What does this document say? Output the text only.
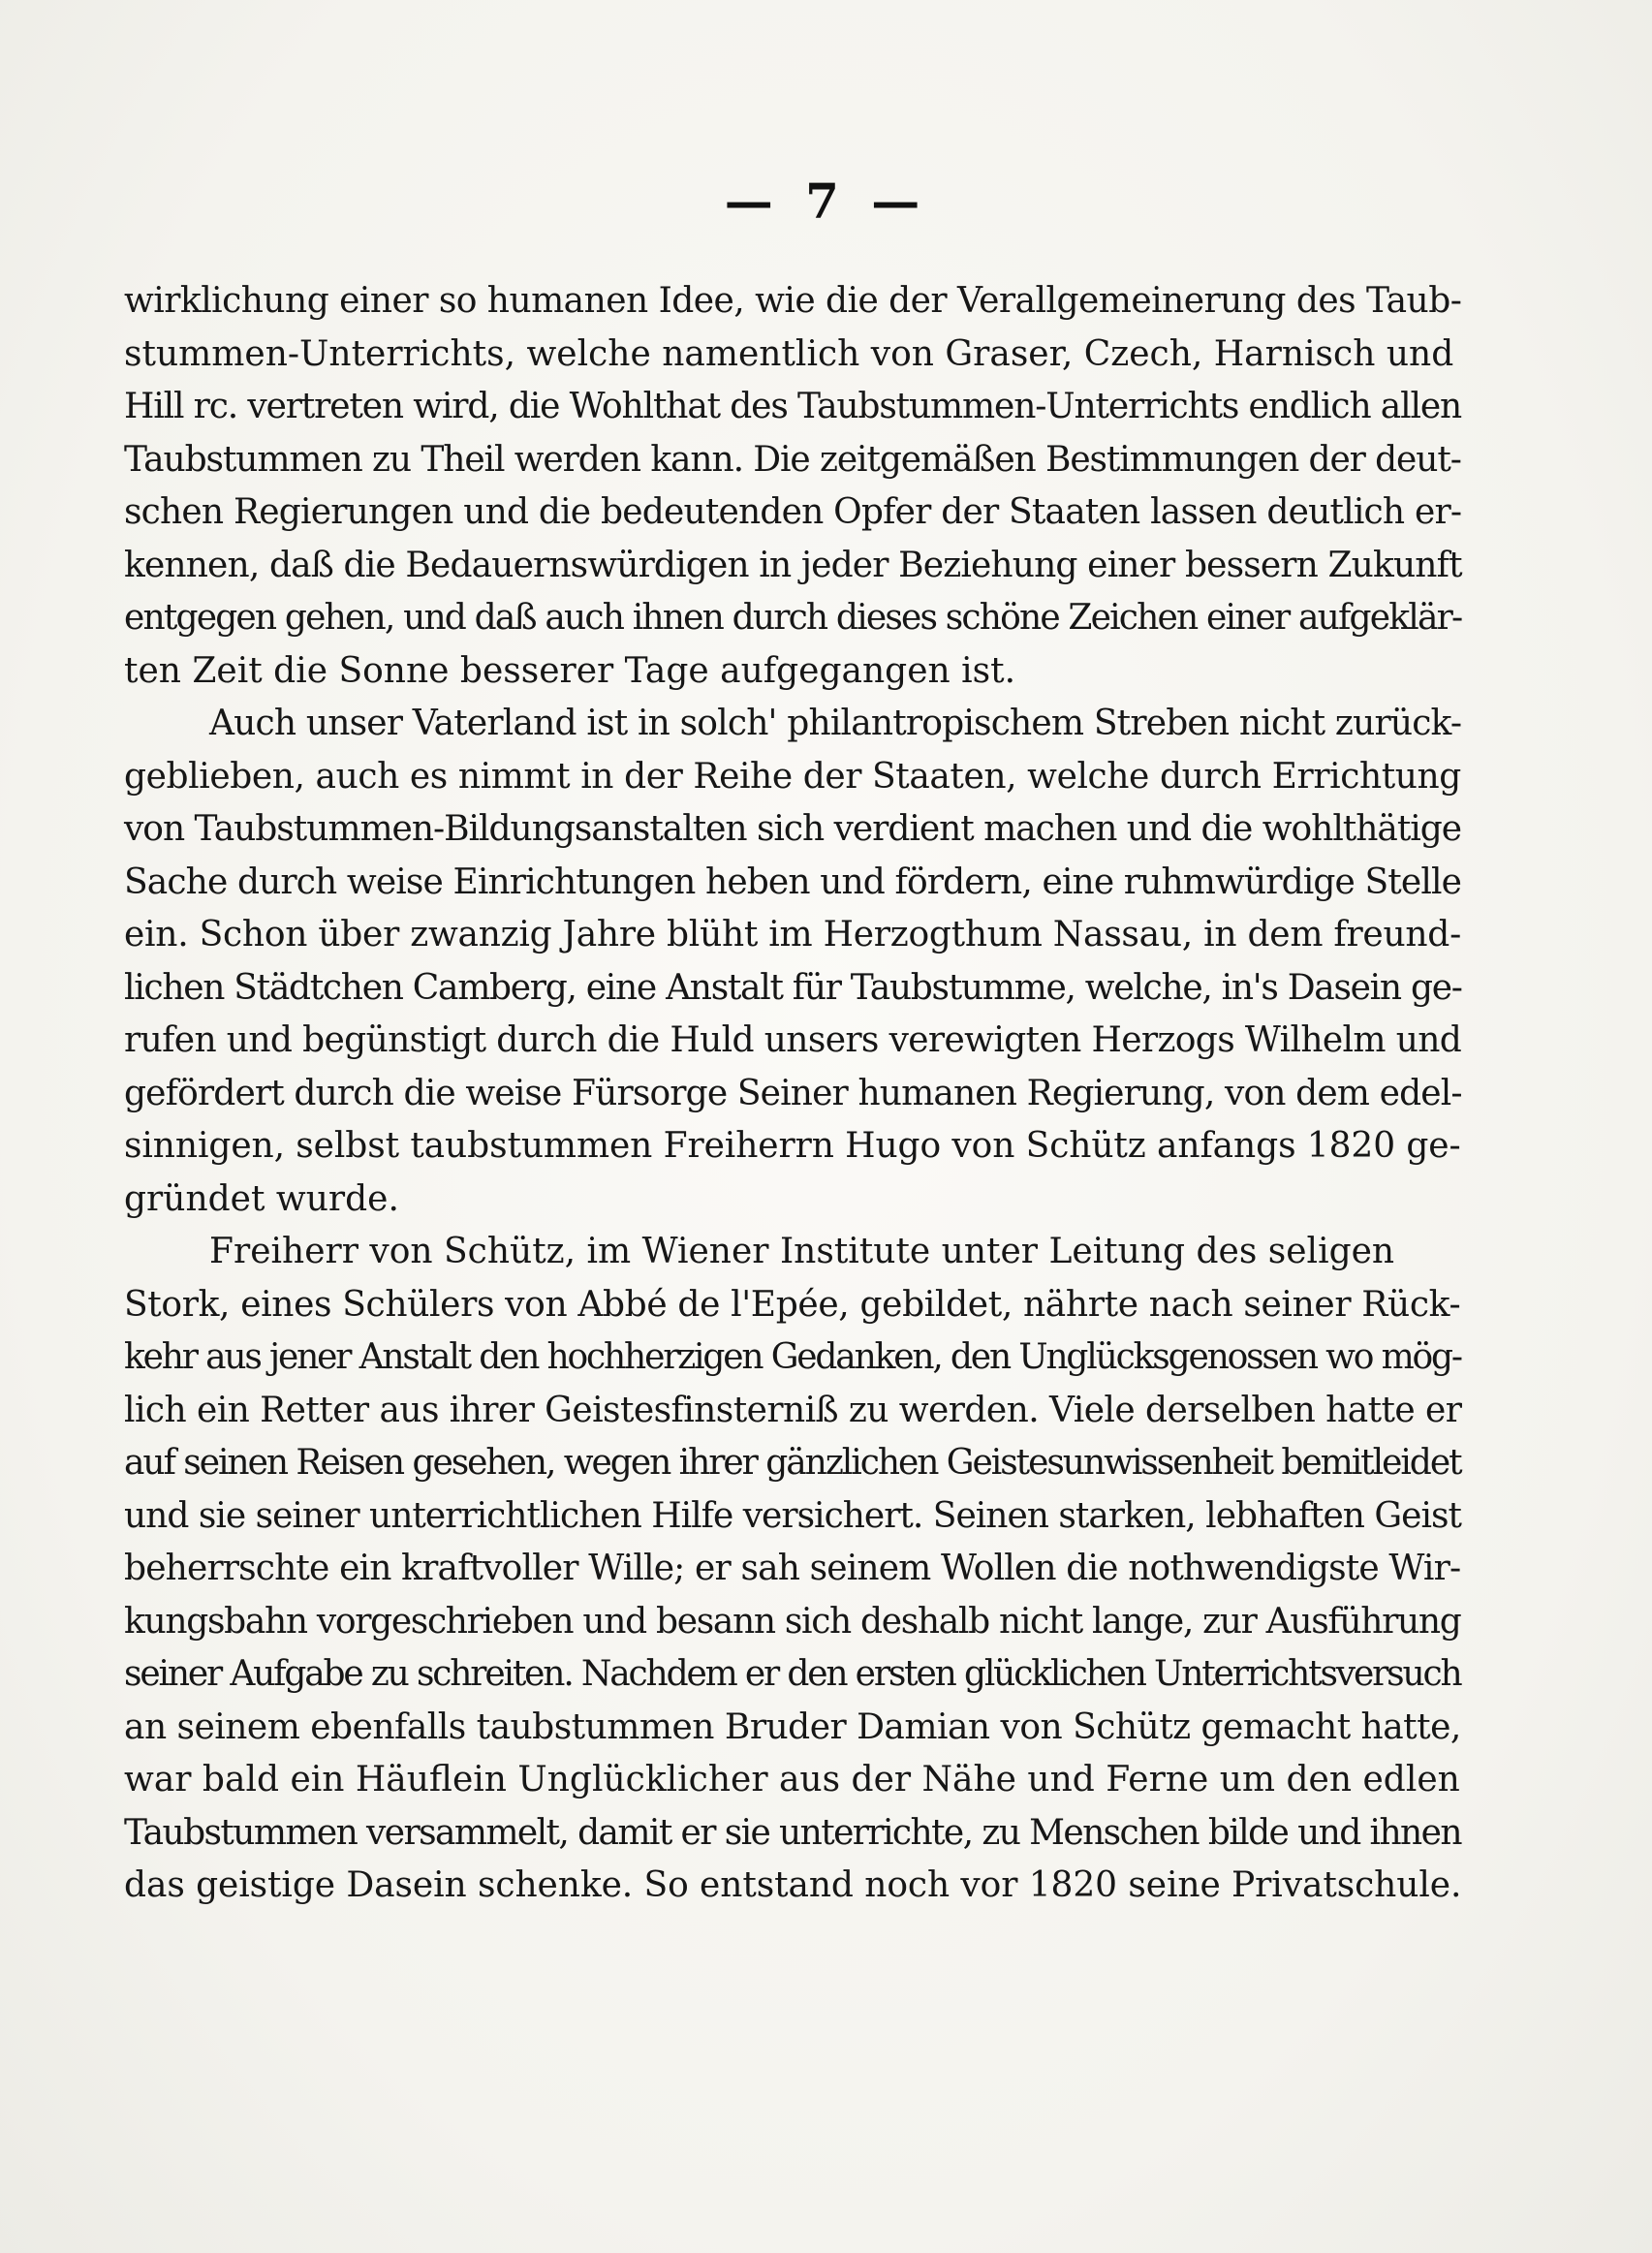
— 7 —
wirklichung einer so humanen Idee, wie die der Verallgemeinerung des Taub-
stummen-Unterrichts, welche namentlich von Graser, Czech, Harnisch und
Hill rc. vertreten wird, die Wohlthat des Taubstummen-Unterrichts endlich allen
Taubstummen zu Theil werden kann. Die zeitgemäßen Bestimmungen der deut-
schen Regierungen und die bedeutenden Opfer der Staaten lassen deutlich er-
kennen, daß die Bedauernswürdigen in jeder Beziehung einer bessern Zukunft
entgegen gehen, und daß auch ihnen durch dieses schöne Zeichen einer aufgeklär-
ten Zeit die Sonne besserer Tage aufgegangen ist.
Auch unser Vaterland ist in solch' philantropischem Streben nicht zurück-
geblieben, auch es nimmt in der Reihe der Staaten, welche durch Errichtung
von Taubstummen-Bildungsanstalten sich verdient machen und die wohlthätige
Sache durch weise Einrichtungen heben und fördern, eine ruhmwürdige Stelle
ein. Schon über zwanzig Jahre blüht im Herzogthum Nassau, in dem freund-
lichen Städtchen Camberg, eine Anstalt für Taubstumme, welche, in's Dasein ge-
rufen und begünstigt durch die Huld unsers verewigten Herzogs Wilhelm und
gefördert durch die weise Fürsorge Seiner humanen Regierung, von dem edel-
sinnigen, selbst taubstummen Freiherrn Hugo von Schütz anfangs 1820 ge-
gründet wurde.
Freiherr von Schütz, im Wiener Institute unter Leitung des seligen
Stork, eines Schülers von Abbé de l'Epée, gebildet, nährte nach seiner Rück-
kehr aus jener Anstalt den hochherzigen Gedanken, den Unglücksgenossen wo mög-
lich ein Retter aus ihrer Geistesfinsterniß zu werden. Viele derselben hatte er
auf seinen Reisen gesehen, wegen ihrer gänzlichen Geistesunwissenheit bemitleidet
und sie seiner unterrichtlichen Hilfe versichert. Seinen starken, lebhaften Geist
beherrschte ein kraftvoller Wille; er sah seinem Wollen die nothwendigste Wir-
kungsbahn vorgeschrieben und besann sich deshalb nicht lange, zur Ausführung
seiner Aufgabe zu schreiten. Nachdem er den ersten glücklichen Unterrichtsversuch
an seinem ebenfalls taubstummen Bruder Damian von Schütz gemacht hatte,
war bald ein Häuflein Unglücklicher aus der Nähe und Ferne um den edlen
Taubstummen versammelt, damit er sie unterrichte, zu Menschen bilde und ihnen
das geistige Dasein schenke. So entstand noch vor 1820 seine Privatschule.
